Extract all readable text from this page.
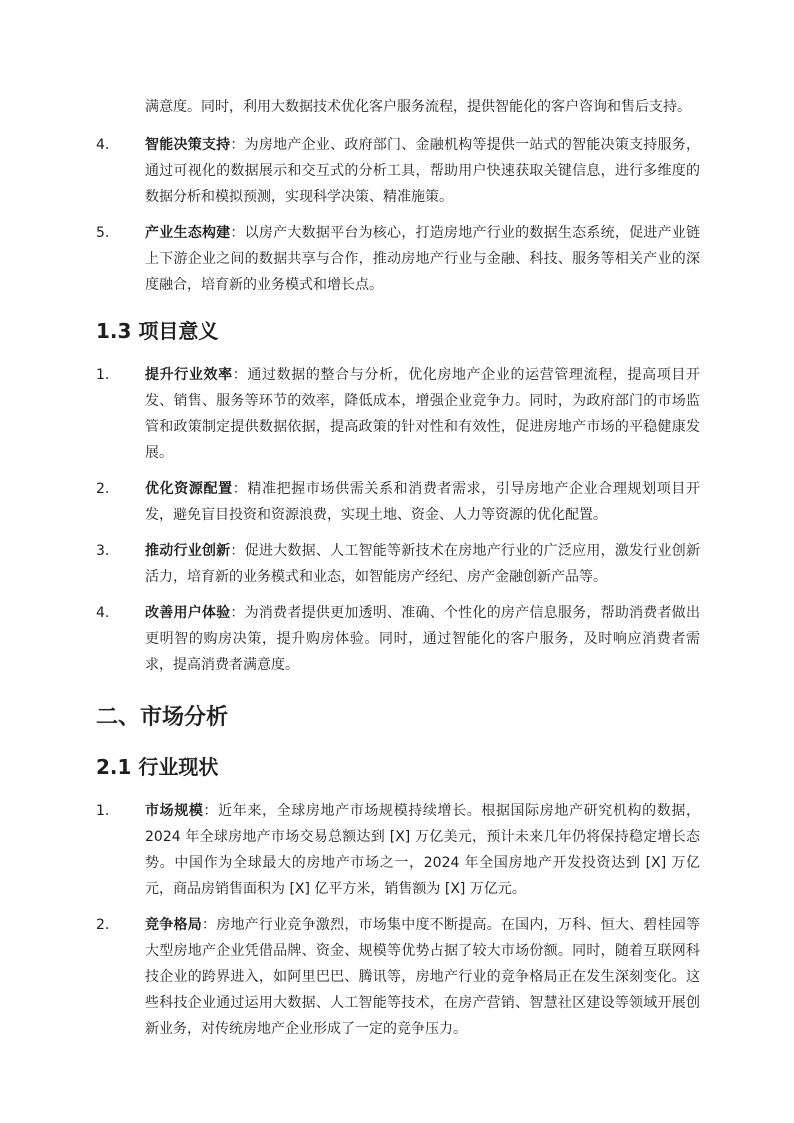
满意度。同时，利用大数据技术优化客户服务流程，提供智能化的客户咨询和售后支持。
4.	智能决策支持：为房地产企业、政府部门、金融机构等提供一站式的智能决策支持服务，通过可视化的数据展示和交互式的分析工具，帮助用户快速获取关键信息，进行多维度的数据分析和模拟预测，实现科学决策、精准施策。
5.	产业生态构建：以房产大数据平台为核心，打造房地产行业的数据生态系统，促进产业链上下游企业之间的数据共享与合作，推动房地产行业与金融、科技、服务等相关产业的深度融合，培育新的业务模式和增长点。
1.3 项目意义
1.	提升行业效率：通过数据的整合与分析，优化房地产企业的运营管理流程，提高项目开发、销售、服务等环节的效率，降低成本，增强企业竞争力。同时，为政府部门的市场监管和政策制定提供数据依据，提高政策的针对性和有效性，促进房地产市场的平稳健康发展。
2.	优化资源配置：精准把握市场供需关系和消费者需求，引导房地产企业合理规划项目开发，避免盲目投资和资源浪费，实现土地、资金、人力等资源的优化配置。
3.	推动行业创新：促进大数据、人工智能等新技术在房地产行业的广泛应用，激发行业创新活力，培育新的业务模式和业态，如智能房产经纪、房产金融创新产品等。
4.	改善用户体验：为消费者提供更加透明、准确、个性化的房产信息服务，帮助消费者做出更明智的购房决策，提升购房体验。同时，通过智能化的客户服务，及时响应消费者需求，提高消费者满意度。
二、市场分析
2.1 行业现状
1.	市场规模：近年来，全球房地产市场规模持续增长。根据国际房地产研究机构的数据，2024 年全球房地产市场交易总额达到 [X] 万亿美元，预计未来几年仍将保持稳定增长态势。中国作为全球最大的房地产市场之一，2024 年全国房地产开发投资达到 [X] 万亿元，商品房销售面积为 [X] 亿平方米，销售额为 [X] 万亿元。
2.	竞争格局：房地产行业竞争激烈，市场集中度不断提高。在国内，万科、恒大、碧桂园等大型房地产企业凭借品牌、资金、规模等优势占据了较大市场份额。同时，随着互联网科技企业的跨界进入，如阿里巴巴、腾讯等，房地产行业的竞争格局正在发生深刻变化。这些科技企业通过运用大数据、人工智能等技术，在房产营销、智慧社区建设等领域开展创新业务，对传统房地产企业形成了一定的竞争压力。
